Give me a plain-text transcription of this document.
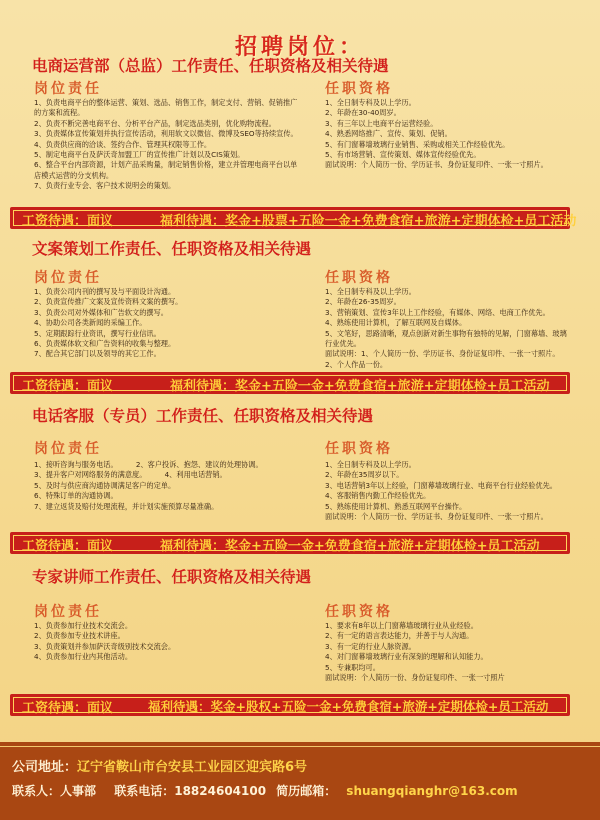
招聘岗位：
电商运营部（总监）工作责任、任职资格及相关待遇
岗位责任	任职资格
1、负责电商平台的整体运营、策划、选品、销售工作，制定支付、营销、促销推广的方案和流程。
2、负责不断完善电商平台、分析平台产品，制定选品类别，优化购物流程。
3、负责媒体宣传策划并执行宣传活动，利用软文以微信、微博及SEO等持续宣传。
4、负责供应商的洽谈、签约合作、管理其权限等工作。
5、制定电商平台及萨沃奇加盟工厂的宣传推广计划以及CIS策划。
6、整合平台内部资源，计划产品采购量，制定销售价格，建立并管理电商平台以单店模式运营的分支机构。
7、负责行业专会、客户技术说明会的策划。
1、全日制专科及以上学历。
2、年龄在30-40周岁。
3、有三年以上电商平台运营经验。
4、熟悉网络推广、宣传、策划、促销。
5、有门窗幕墙玻璃行业销售、采购或相关工作经验优先。
5、有市场营销、宣传策划、媒体宣传经验优先。
面试说明：个人简历一份、学历证书、身份证复印件、一张一寸照片。
工资待遇：面议	福利待遇：奖金+股票+五险一金+免费食宿+旅游+定期体检+员工活动
文案策划工作责任、任职资格及相关待遇
岗位责任	任职资格
1、负责公司内刊的撰写及与平面设计沟通。
2、负责宣传推广文案及宣传资料文案的撰写。
3、负责公司对外媒体和广告软文的撰写。
4、协助公司各类新闻的采编工作。
5、定期跟踪行业资讯，撰写行业信讯。
6、负责媒体软文和广告资料的收集与整理。
7、配合其它部门以及领导的其它工作。
1、全日制专科及以上学历。
2、年龄在26-35周岁。
3、营销策划、宣传3年以上工作经验，有媒体、网络、电商工作优先。
4、熟练使用计算机，了解互联网及自媒体。
5、文笔好，思路清晰，观点创新对新生事物有独特的见解，门窗幕墙、玻璃行业优先。
面试说明：1、个人简历一份、学历证书、身份证复印件、一张一寸照片。2、个人作品一份。
工资待遇：面议	福利待遇：奖金+五险一金+免费食宿+旅游+定期体检+员工活动
电话客服（专员）工作责任、任职资格及相关待遇
岗位责任	任职资格
1、接听咨询与服务电话。        2、客户投诉、抱怨、建议的处理协调。
3、提升客户对网络服务的满意度。        4、利用电话营销。
5、及时与供应商沟通协调满足客户的定单。
6、特殊订单的沟通协调。
7、建立返货及赔付处理流程，并计划实施预算尽量准确。
1、全日制专科及以上学历。
2、年龄在35周岁以下。
3、电话营销3年以上经验，门窗幕墙玻璃行业、电商平台行业经验优先。
4、客服销售内勤工作经验优先。
5、熟练使用计算机、熟悉互联网平台操作。
面试说明：个人简历一份、学历证书、身份证复印件、一张一寸照片。
工资待遇：面议	福利待遇：奖金+五险一金+免费食宿+旅游+定期体检+员工活动
专家讲师工作责任、任职资格及相关待遇
岗位责任	任职资格
1、负责参加行业技术交流会。
2、负责参加专业技术讲座。
3、负责策划并参加萨沃奇级别技术交流会。
4、负责参加行业内其他活动。
1、要求有8年以上门窗幕墙玻璃行业从业经验。
2、有一定的语言表达能力，并善于与人沟通。
3、有一定的行业人脉资源。
4、对门窗幕墙玻璃行业有深刻的理解和认知能力。
5、专兼职均可。
面试说明：个人简历一份、身份证复印件、一张一寸照片
工资待遇：面议	福利待遇：奖金+股权+五险一金+免费食宿+旅游+定期体检+员工活动
公司地址：辽宁省鞍山市台安县工业园区迎宾路6号
联系人：人事部 联系电话：18824604100 简历邮箱： shuangqianghr@163.com
